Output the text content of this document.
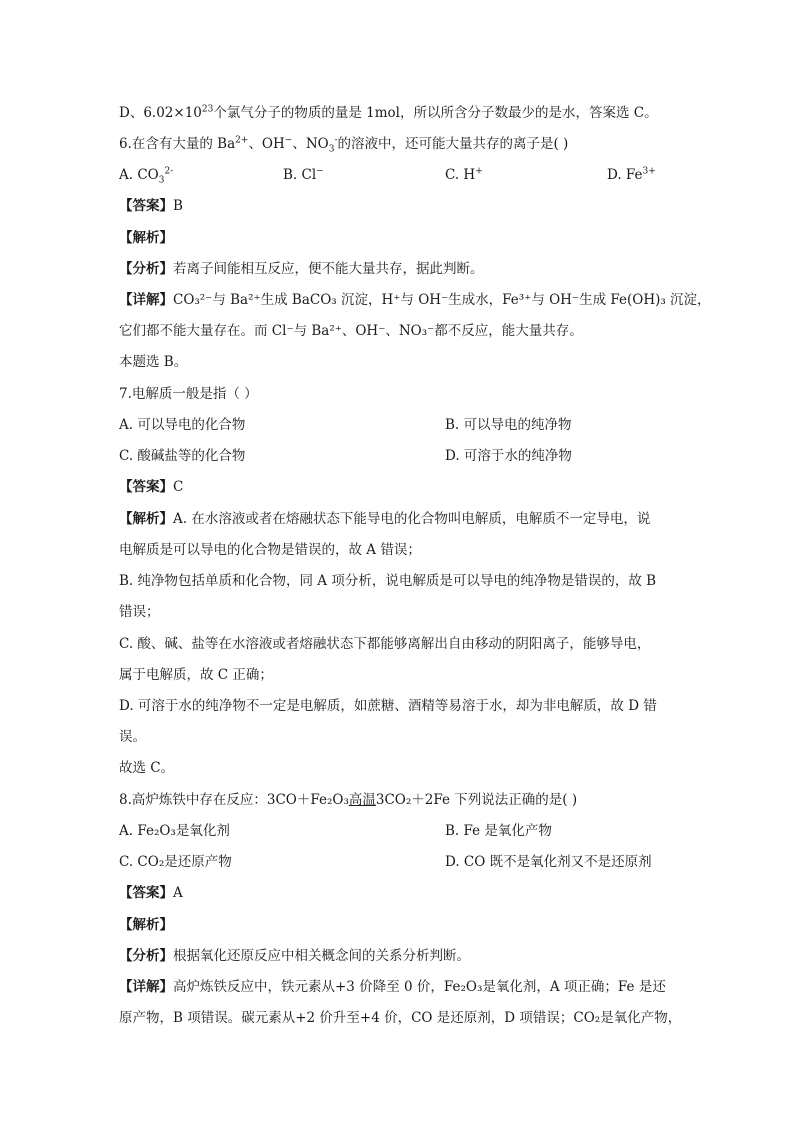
D、$6.02\times 10^{23}$个氯气分子的物质的量是 1mol，所以所含分子数最少的是水，答案选 C。
6.在含有大量的 $Ba^{2+}$、OH−、$NO_3^-$的溶液中，还可能大量共存的离子是( )
A. $CO_3^{2-}$	B. Cl−	C. H+	D. $Fe^{3+}$
【答案】B
【解析】
【分析】若离子间能相互反应，便不能大量共存，据此判断。
【详解】CO₃²⁻与 Ba²⁺生成 BaCO₃ 沉淀，H⁺与 OH⁻生成水，Fe³⁺与 OH⁻生成 Fe(OH)₃ 沉淀，
它们都不能大量存在。而 Cl⁻与 Ba²⁺、OH⁻、NO₃⁻都不反应，能大量共存。
本题选 B。
7.电解质一般是指（ ）
A. 可以导电的化合物	B. 可以导电的纯净物
C. 酸碱盐等的化合物	D. 可溶于水的纯净物
【答案】C
【解析】A. 在水溶液或者在熔融状态下能导电的化合物叫电解质，电解质不一定导电，说
电解质是可以导电的化合物是错误的，故 A 错误；
B. 纯净物包括单质和化合物，同 A 项分析，说电解质是可以导电的纯净物是错误的，故 B
错误；
C. 酸、碱、盐等在水溶液或者熔融状态下都能够离解出自由移动的阴阳离子，能够导电，
属于电解质，故 C 正确；
D. 可溶于水的纯净物不一定是电解质，如蔗糖、酒精等易溶于水，却为非电解质，故 D 错
误。
故选 C。
8.高炉炼铁中存在反应：3CO＋Fe₂O₃高温3CO₂＋2Fe 下列说法正确的是( )
A. Fe₂O₃是氧化剂	B. Fe 是氧化产物
C. CO₂是还原产物	D. CO 既不是氧化剂又不是还原剂
【答案】A
【解析】
【分析】根据氧化还原反应中相关概念间的关系分析判断。
【详解】高炉炼铁反应中，铁元素从+3 价降至 0 价，Fe₂O₃是氧化剂，A 项正确；Fe 是还
原产物，B 项错误。碳元素从+2 价升至+4 价，CO 是还原剂，D 项错误；CO₂是氧化产物，
